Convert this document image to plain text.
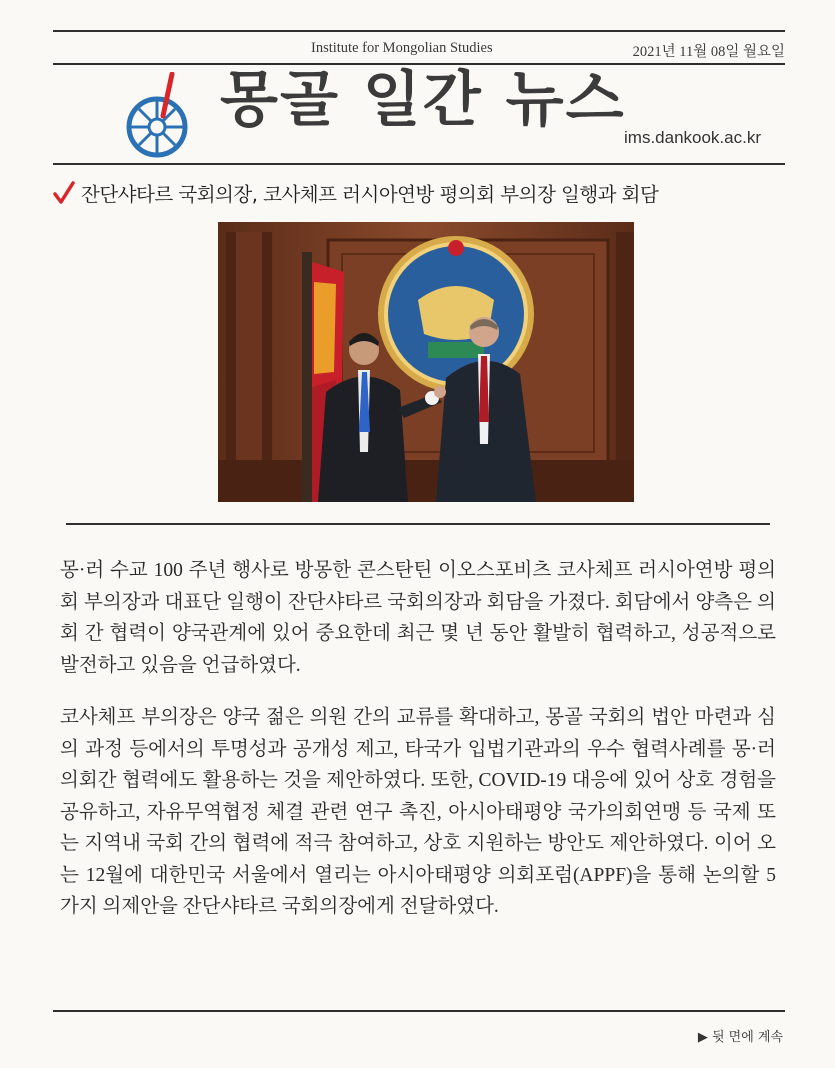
Institute for Mongolian Studies	2021년 11월 08일 월요일
몽골 일간 뉴스
ims.dankook.ac.kr
잔단샤타르 국회의장, 코사체프 러시아연방 평의회 부의장 일행과 회담

몽·러 수교 100 주년 행사로 방몽한 콘스탄틴 이오스포비츠 코사체프 러시아연방 평의회 부의장과 대표단 일행이 잔단샤타르 국회의장과 회담을 가졌다. 회담에서 양측은 의회 간 협력이 양국관계에 있어 중요한데 최근 몇 년 동안 활발히 협력하고, 성공적으로 발전하고 있음을 언급하였다.

코사체프 부의장은 양국 젊은 의원 간의 교류를 확대하고, 몽골 국회의 법안 마련과 심의 과정 등에서의 투명성과 공개성 제고, 타국가 입법기관과의 우수 협력사례를 몽·러 의회간 협력에도 활용하는 것을 제안하였다. 또한, COVID-19 대응에 있어 상호 경험을 공유하고, 자유무역협정 체결 관련 연구 촉진, 아시아태평양 국가의회연맹 등 국제 또는 지역내 국회 간의 협력에 적극 참여하고, 상호 지원하는 방안도 제안하였다. 이어 오는 12월에 대한민국 서울에서 열리는 아시아태평양 의회포럼(APPF)을 통해 논의할 5가지 의제안을 잔단샤타르 국회의장에게 전달하였다.

▶ 뒷 면에 계속
